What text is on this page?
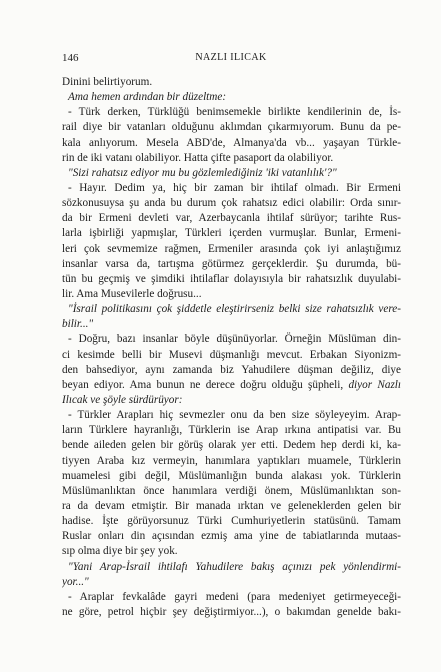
146	NAZLI ILICAK
Dinini belirtiyorum.
Ama hemen ardından bir düzeltme:
- Türk derken, Türklüğü benimsemekle birlikte kendilerinin de, İs-
rail diye bir vatanları olduğunu aklımdan çıkarmıyorum. Bunu da pe-
kala anlıyorum. Mesela ABD'de, Almanya'da vb... yaşayan Türkle-
rin de iki vatanı olabiliyor. Hatta çifte pasaport da olabiliyor.
"Sizi rahatsız ediyor mu bu gözlemlediğiniz 'iki vatanlılık'?"
- Hayır. Dedim ya, hiç bir zaman bir ihtilaf olmadı. Bir Ermeni
sözkonusuysa şu anda bu durum çok rahatsız edici olabilir: Orda sınır-
da bir Ermeni devleti var, Azerbaycanla ihtilaf sürüyor; tarihte Rus-
larla işbirliği yapmışlar, Türkleri içerden vurmuşlar. Bunlar, Ermeni-
leri çok sevmemize rağmen, Ermeniler arasında çok iyi anlaştığımız
insanlar varsa da, tartışma götürmez gerçeklerdir. Şu durumda, bü-
tün bu geçmiş ve şimdiki ihtilaflar dolayısıyla bir rahatsızlık duyulabi-
lir. Ama Musevilerle doğrusu...
"İsrail politikasını çok şiddetle eleştirirseniz belki size rahatsızlık vere-
bilir..."
- Doğru, bazı insanlar böyle düşünüyorlar. Örneğin Müslüman din-
ci kesimde belli bir Musevi düşmanlığı mevcut. Erbakan Siyonizm-
den bahsediyor, aynı zamanda biz Yahudilere düşman değiliz, diye
beyan ediyor. Ama bunun ne derece doğru olduğu şüpheli, diyor Nazlı
Ilıcak ve şöyle sürdürüyor:
- Türkler Arapları hiç sevmezler onu da ben size söyleyeyim. Arap-
ların Türklere hayranlığı, Türklerin ise Arap ırkına antipatisi var. Bu
bende aileden gelen bir görüş olarak yer etti. Dedem hep derdi ki, ka-
tiyyen Araba kız vermeyin, hanımlara yaptıkları muamele, Türklerin
muamelesi gibi değil, Müslümanlığın bunda alakası yok. Türklerin
Müslümanlıktan önce hanımlara verdiği önem, Müslümanlıktan son-
ra da devam etmiştir. Bir manada ırktan ve geleneklerden gelen bir
hadise. İşte görüyorsunuz Türki Cumhuriyetlerin statüsünü. Tamam
Ruslar onları din açısından ezmiş ama yine de tabiatlarında mutaas-
sıp olma diye bir şey yok.
"Yani Arap-İsrail ihtilafı Yahudilere bakış açınızı pek yönlendirmi-
yor..."
- Araplar fevkalâde gayri medeni (para medeniyet getirmeyeceği-
ne göre, petrol hiçbir şey değiştirmiyor...), o bakımdan genelde bakı-
